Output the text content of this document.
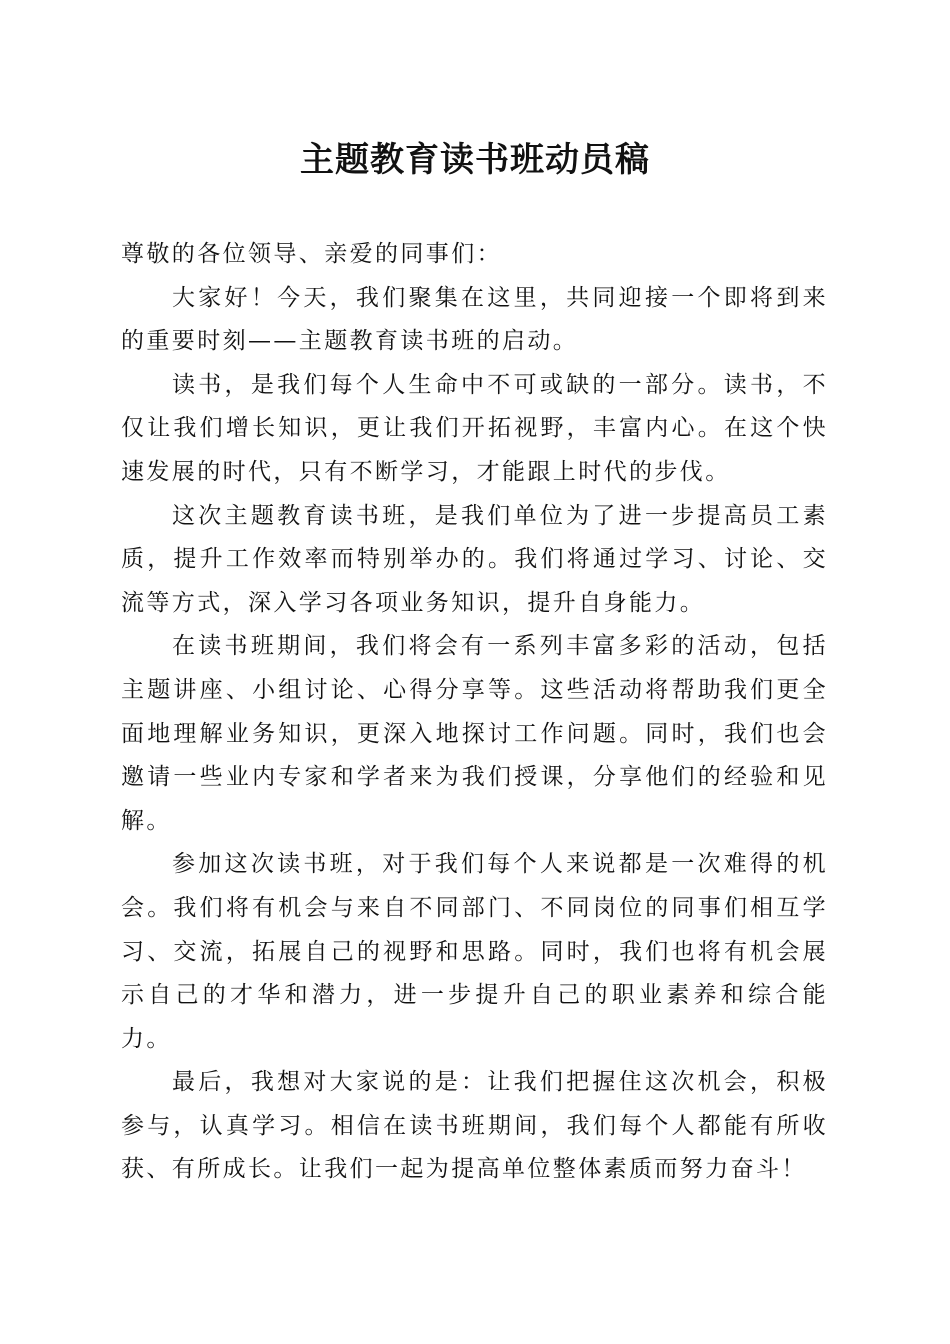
主题教育读书班动员稿

尊敬的各位领导、亲爱的同事们：

大家好！今天，我们聚集在这里，共同迎接一个即将到来的重要时刻——主题教育读书班的启动。

读书，是我们每个人生命中不可或缺的一部分。读书，不仅让我们增长知识，更让我们开拓视野，丰富内心。在这个快速发展的时代，只有不断学习，才能跟上时代的步伐。

这次主题教育读书班，是我们单位为了进一步提高员工素质，提升工作效率而特别举办的。我们将通过学习、讨论、交流等方式，深入学习各项业务知识，提升自身能力。

在读书班期间，我们将会有一系列丰富多彩的活动，包括主题讲座、小组讨论、心得分享等。这些活动将帮助我们更全面地理解业务知识，更深入地探讨工作问题。同时，我们也会邀请一些业内专家和学者来为我们授课，分享他们的经验和见解。

参加这次读书班，对于我们每个人来说都是一次难得的机会。我们将有机会与来自不同部门、不同岗位的同事们相互学习、交流，拓展自己的视野和思路。同时，我们也将有机会展示自己的才华和潜力，进一步提升自己的职业素养和综合能力。

最后，我想对大家说的是：让我们把握住这次机会，积极参与，认真学习。相信在读书班期间，我们每个人都能有所收获、有所成长。让我们一起为提高单位整体素质而努力奋斗！
